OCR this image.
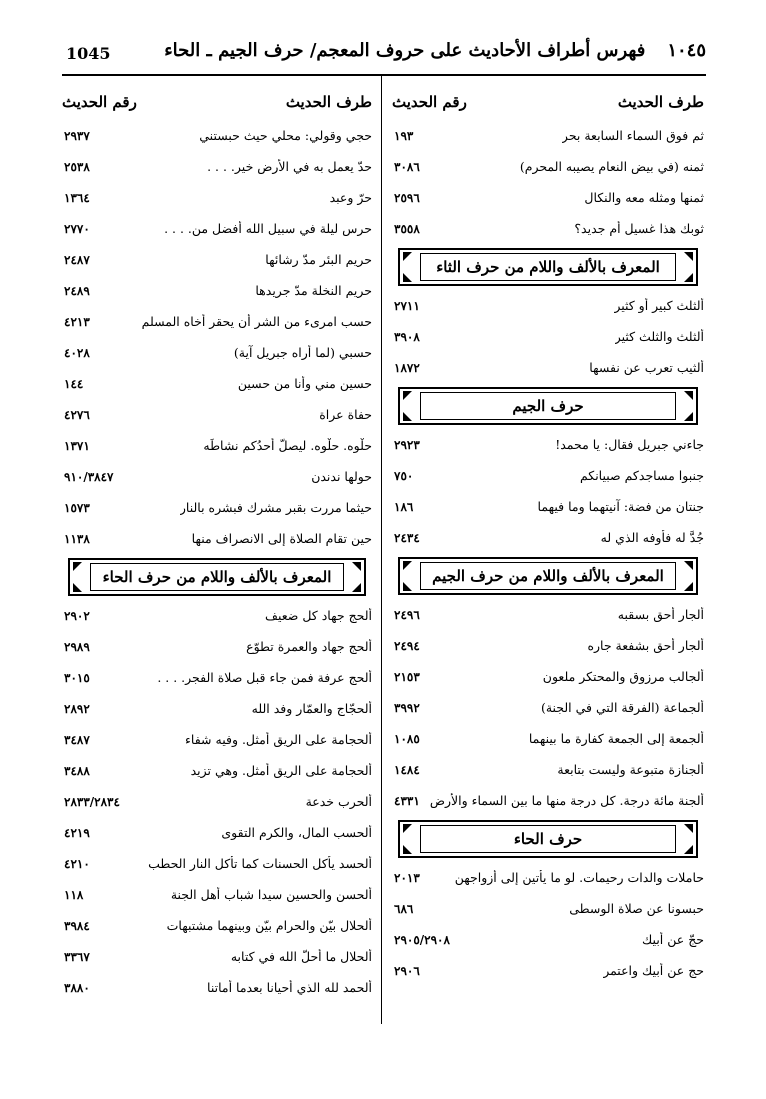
1045	١٠٤٥فهرس أطراف الأحاديث على حروف المعجم/ حرف الجيم ـ الحاء
طرف الحديث
رقم الحديث
ثم فوق السماء السابعة بحر
١٩٣
ثمنه (في بيض النعام يصيبه المحرم)
٣٠٨٦
ثمنها ومثله معه والنكال
٢٥٩٦
ثوبك هذا غسيل أم جديد؟
٣٥٥٨
المعرف بالألف واللام من حرف الثاء
ألثلث كبير أو كثير
٢٧١١
ألثلث والثلث كثير
٣٩٠٨
ألثيب تعرب عن نفسها
١٨٧٢
حرف الجيم
جاءني جبريل فقال: يا محمد!
٢٩٢٣
جنبوا مساجدكم صبيانكم
٧٥٠
جنتان من فضة: آنيتهما وما فيهما
١٨٦
جُدَّ له فأوفه الذي له
٢٤٣٤
المعرف بالألف واللام من حرف الجيم
ألجار أحق بسقبه
٢٤٩٦
ألجار أحق بشفعة جاره
٢٤٩٤
ألجالب مرزوق والمحتكر ملعون
٢١٥٣
ألجماعة (الفرقة التي في الجنة)
٣٩٩٢
ألجمعة إلى الجمعة كفارة ما بينهما
١٠٨٥
ألجنازة متبوعة وليست بتابعة
١٤٨٤
ألجنة مائة درجة. كل درجة منها ما بين السماء والأرض
٤٣٣١
حرف الحاء
حاملات والدات رحيمات. لو ما يأتين إلى أزواجهن
٢٠١٣
حبسونا عن صلاة الوسطى
٦٨٦
حجّ عن أبيك
٢٩٠٥/٢٩٠٨
حج عن أبيك واعتمر
٢٩٠٦
طرف الحديث
رقم الحديث
حجي وقولي: محلي حيث حبستني
٢٩٣٧
حدّ يعمل به في الأرض خير. . . .
٢٥٣٨
حرّ وعبد
١٣٦٤
حرس ليلة في سبيل الله أفضل من. . . .
٢٧٧٠
حريم البئر مدّ رشائها
٢٤٨٧
حريم النخلة مدّ جريدها
٢٤٨٩
حسب امرىء من الشر أن يحقر أخاه المسلم
٤٢١٣
حسبي (لما أراه جبريل آية)
٤٠٢٨
حسين مني وأنا من حسين
١٤٤
حفاة عراة
٤٢٧٦
حلْوه. حلْوه. ليصلّ أحدُكم نشاطَه
١٣٧١
حولها ندندن
٩١٠/٣٨٤٧
حيثما مررت بقبر مشرك فبشره بالنار
١٥٧٣
حين تقام الصلاة إلى الانصراف منها
١١٣٨
المعرف بالألف واللام من حرف الحاء
ألحج جهاد كل ضعيف
٢٩٠٢
ألحج جهاد والعمرة تطوّع
٢٩٨٩
ألحج عرفة فمن جاء قبل صلاة الفجر. . . .
٣٠١٥
ألحجّاج والعمّار وفد الله
٢٨٩٢
ألحجامة على الريق أمثل. وفيه شفاء
٣٤٨٧
ألحجامة على الريق أمثل. وهي تزيد
٣٤٨٨
ألحرب خدعة
٢٨٣٣/٢٨٣٤
ألحسب المال، والكرم التقوى
٤٢١٩
ألحسد يأكل الحسنات كما تأكل النار الحطب
٤٢١٠
ألحسن والحسين سيدا شباب أهل الجنة
١١٨
ألحلال بيّن والحرام بيّن وبينهما مشتبهات
٣٩٨٤
ألحلال ما أحلّ الله في كتابه
٣٣٦٧
ألحمد لله الذي أحيانا بعدما أماتنا
٣٨٨٠
